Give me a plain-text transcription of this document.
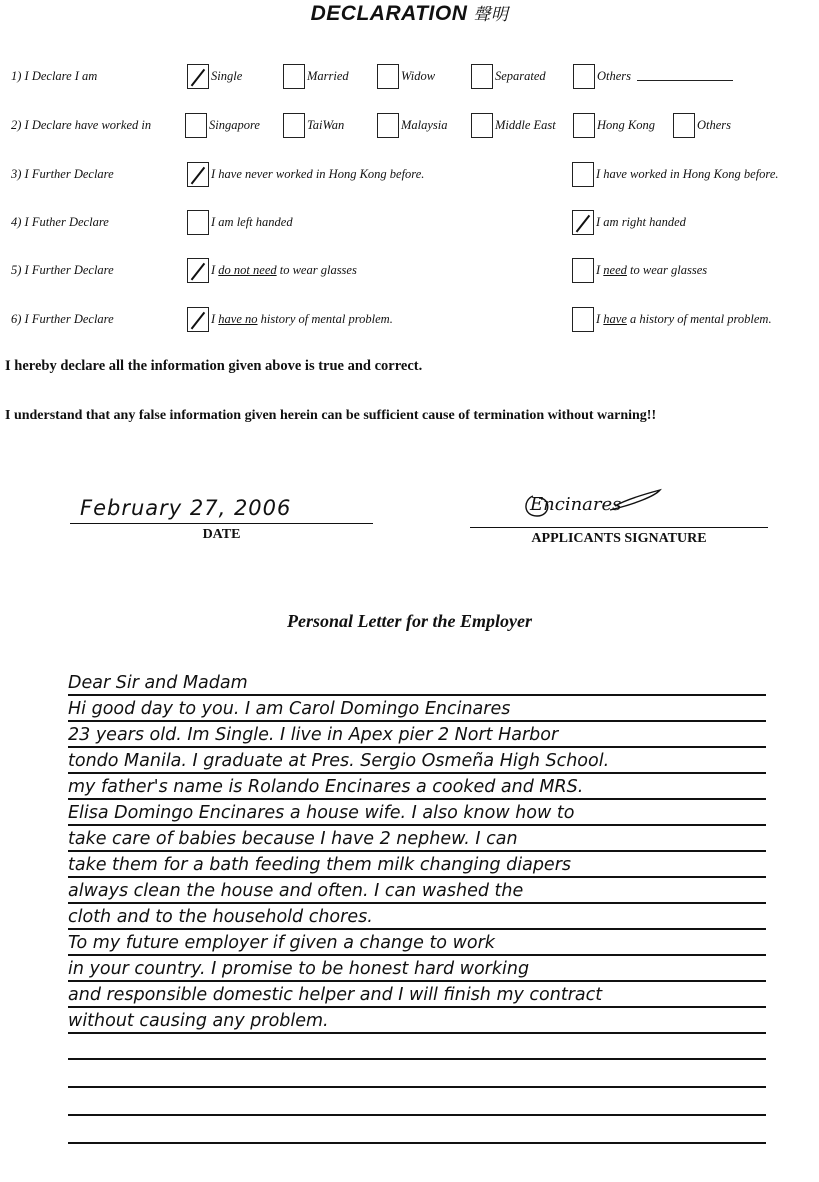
DECLARATION 聲明
1) I Declare I am	Single	Married	Widow	Separated	Others
2) I Declare have worked in	Singapore	TaiWan	Malaysia	Middle East	Hong Kong	Others
3) I Further Declare	I have never worked in Hong Kong before.	I have worked in Hong Kong before.
4) I Futher Declare	I am left handed	I am right handed
5) I Further Declare	I do not need to wear glasses	I need to wear glasses
6) I Further Declare	I have no history of mental problem.	I have a history of mental problem.
I hereby declare all the information given above is true and correct.
I understand that any false information given herein can be sufficient cause of termination without warning!!
February 27, 2006
DATE
Encinares
APPLICANTS SIGNATURE
Personal Letter for the Employer
Dear Sir and Madam
Hi good day to you. I am Carol Domingo Encinares
23 years old. Im Single. I live in Apex pier 2 Nort Harbor
tondo Manila. I graduate at Pres. Sergio Osmeña High School.
my father's name is Rolando Encinares a cooked and MRS.
Elisa Domingo Encinares a house wife. I also know how to
take care of babies because I have 2 nephew. I can
take them for a bath feeding them milk changing diapers
always clean the house and often. I can washed the
cloth and to the household chores.
To my future employer if given a change to work
in your country. I promise to be honest hard working
and responsible domestic helper and I will finish my contract
without causing any problem.
